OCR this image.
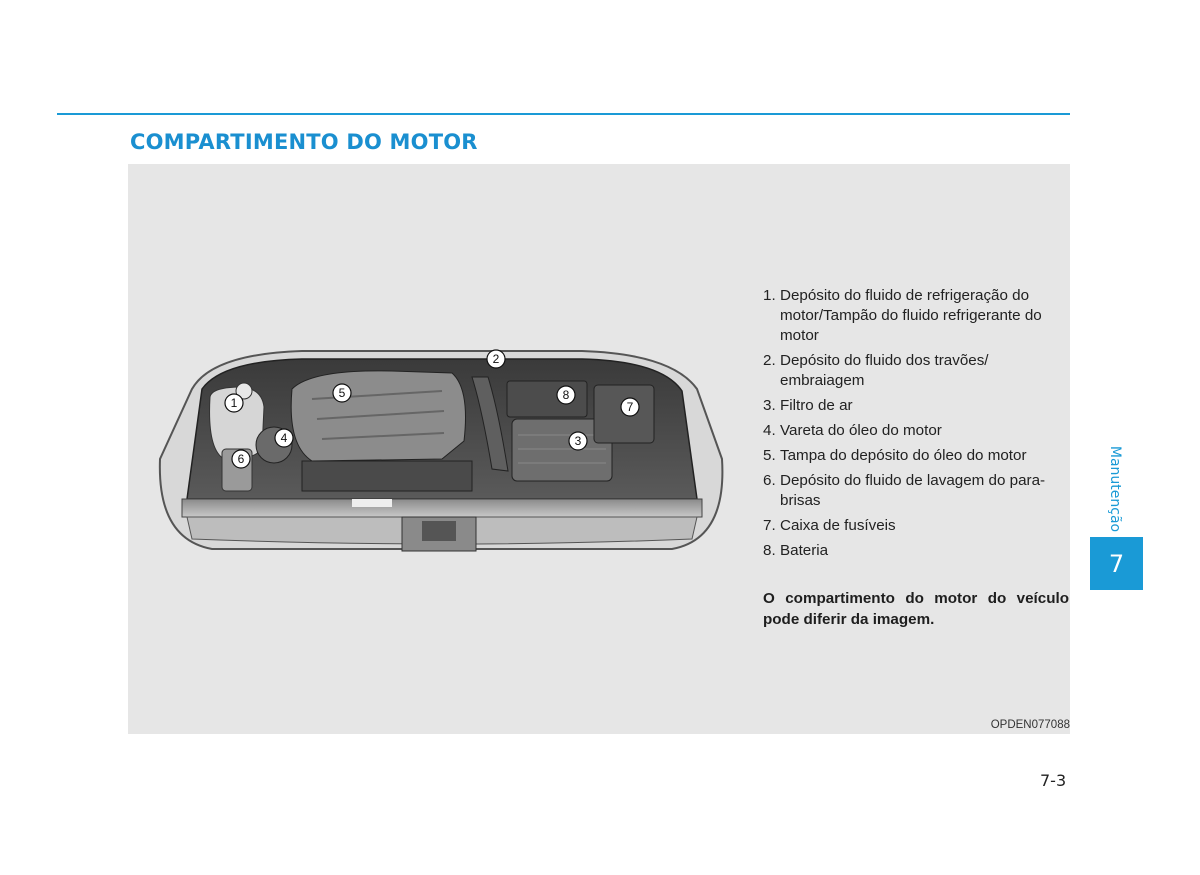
COMPARTIMENTO DO MOTOR
1
2
3
4
5
6
7
8
1. Depósito do fluido de refrigeração do motor/Tampão do fluido refrigerante do motor
2. Depósito do fluido dos travões/ embraiagem
3. Filtro de ar
4. Vareta do óleo do motor
5. Tampa do depósito do óleo do motor
6. Depósito do fluido de lavagem do para-brisas
7. Caixa de fusíveis
8. Bateria
O compartimento do motor do veículo pode diferir da imagem.
OPDEN077088
Manutenção
7
7-3
